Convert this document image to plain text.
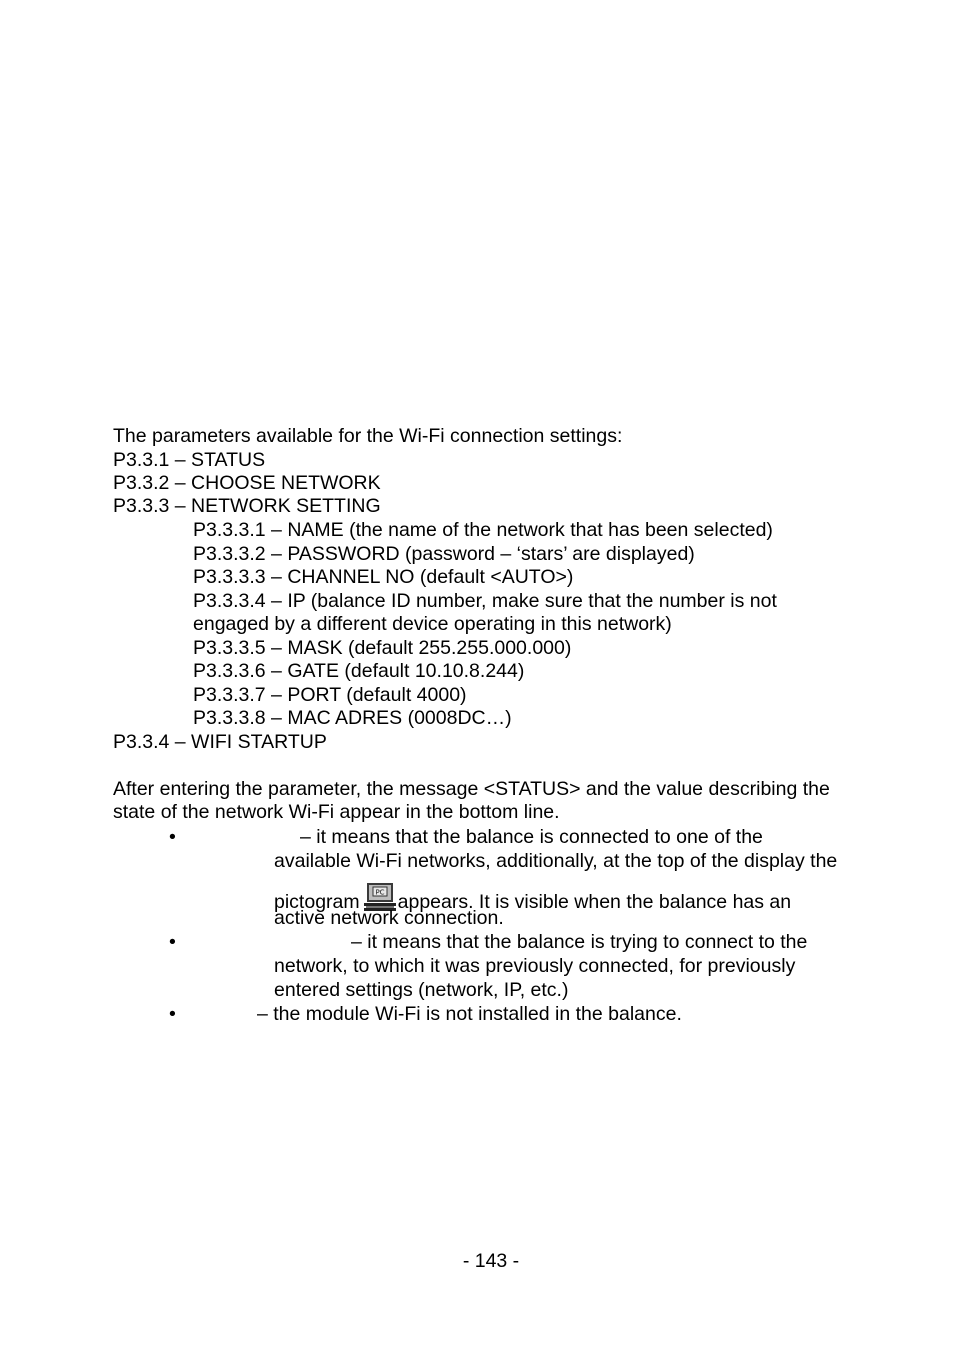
The parameters available for the Wi-Fi connection settings:
P3.3.1 – STATUS
P3.3.2 – CHOOSE NETWORK
P3.3.3 – NETWORK SETTING
P3.3.3.1 – NAME (the name of the network that has been selected)
P3.3.3.2 – PASSWORD (password – ‘stars’ are displayed)
P3.3.3.3 – CHANNEL NO (default <AUTO>)
P3.3.3.4 – IP (balance ID number, make sure that the number is not
engaged by a different device operating in this network)
P3.3.3.5 – MASK (default 255.255.000.000)
P3.3.3.6 – GATE (default 10.10.8.244)
P3.3.3.7 – PORT (default 4000)
P3.3.3.8 – MAC ADRES (0008DC…)
P3.3.4 – WIFI STARTUP
After entering the parameter, the message <STATUS> and the value describing the
state of the network Wi-Fi appear in the bottom line.
•	– it means that the balance is connected to one of the
available Wi-Fi networks, additionally, at the top of the display the
pictogram PC appears. It is visible when the balance has an
active network connection.
•	– it means that the balance is trying to connect to the
network, to which it was previously connected, for previously
entered settings (network, IP, etc.)
•	– the module Wi-Fi is not installed in the balance.
- 143 -
